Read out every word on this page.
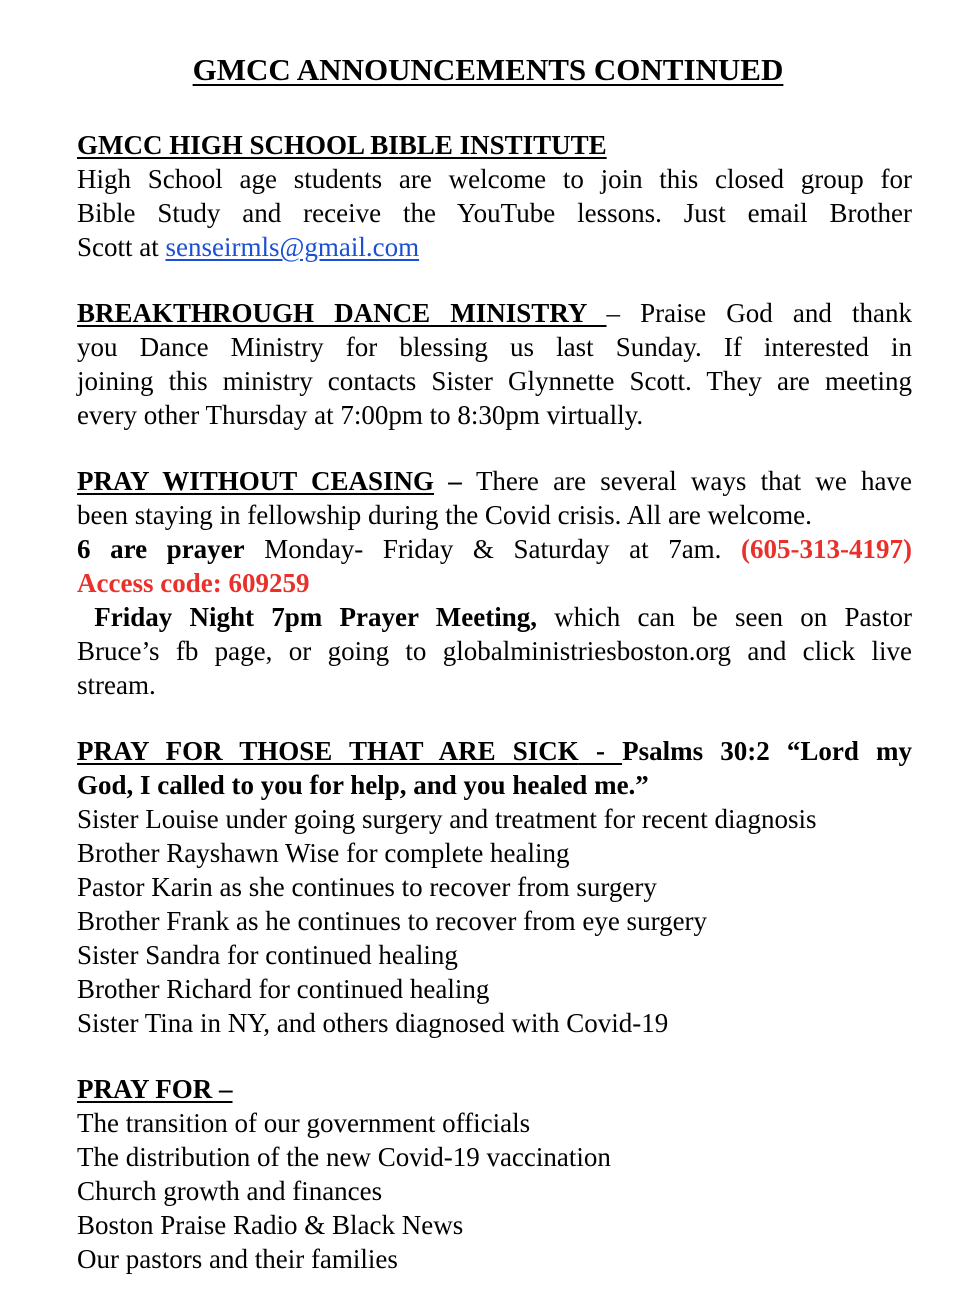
GMCC ANNOUNCEMENTS CONTINUED
GMCC HIGH SCHOOL BIBLE INSTITUTE
High School age students are welcome to join this closed group for
Bible Study and receive the YouTube lessons. Just email Brother
Scott at senseirmls@gmail.com
BREAKTHROUGH DANCE MINISTRY – Praise God and thank
you Dance Ministry for blessing us last Sunday. If interested in
joining this ministry contacts Sister Glynnette Scott. They are meeting
every other Thursday at 7:00pm to 8:30pm virtually.
PRAY WITHOUT CEASING – There are several ways that we have
been staying in fellowship during the Covid crisis. All are welcome.
6 are prayer Monday- Friday & Saturday at 7am. (605-313-4197)
Access code: 609259
Friday Night 7pm Prayer Meeting, which can be seen on Pastor
Bruce’s fb page, or going to globalministriesboston.org and click live
stream.
PRAY FOR THOSE THAT ARE SICK - Psalms 30:2 “Lord my
God, I called to you for help, and you healed me.”
Sister Louise under going surgery and treatment for recent diagnosis
Brother Rayshawn Wise for complete healing
Pastor Karin as she continues to recover from surgery
Brother Frank as he continues to recover from eye surgery
Sister Sandra for continued healing
Brother Richard for continued healing
Sister Tina in NY, and others diagnosed with Covid-19
PRAY FOR –
The transition of our government officials
The distribution of the new Covid-19 vaccination
Church growth and finances
Boston Praise Radio & Black News
Our pastors and their families
